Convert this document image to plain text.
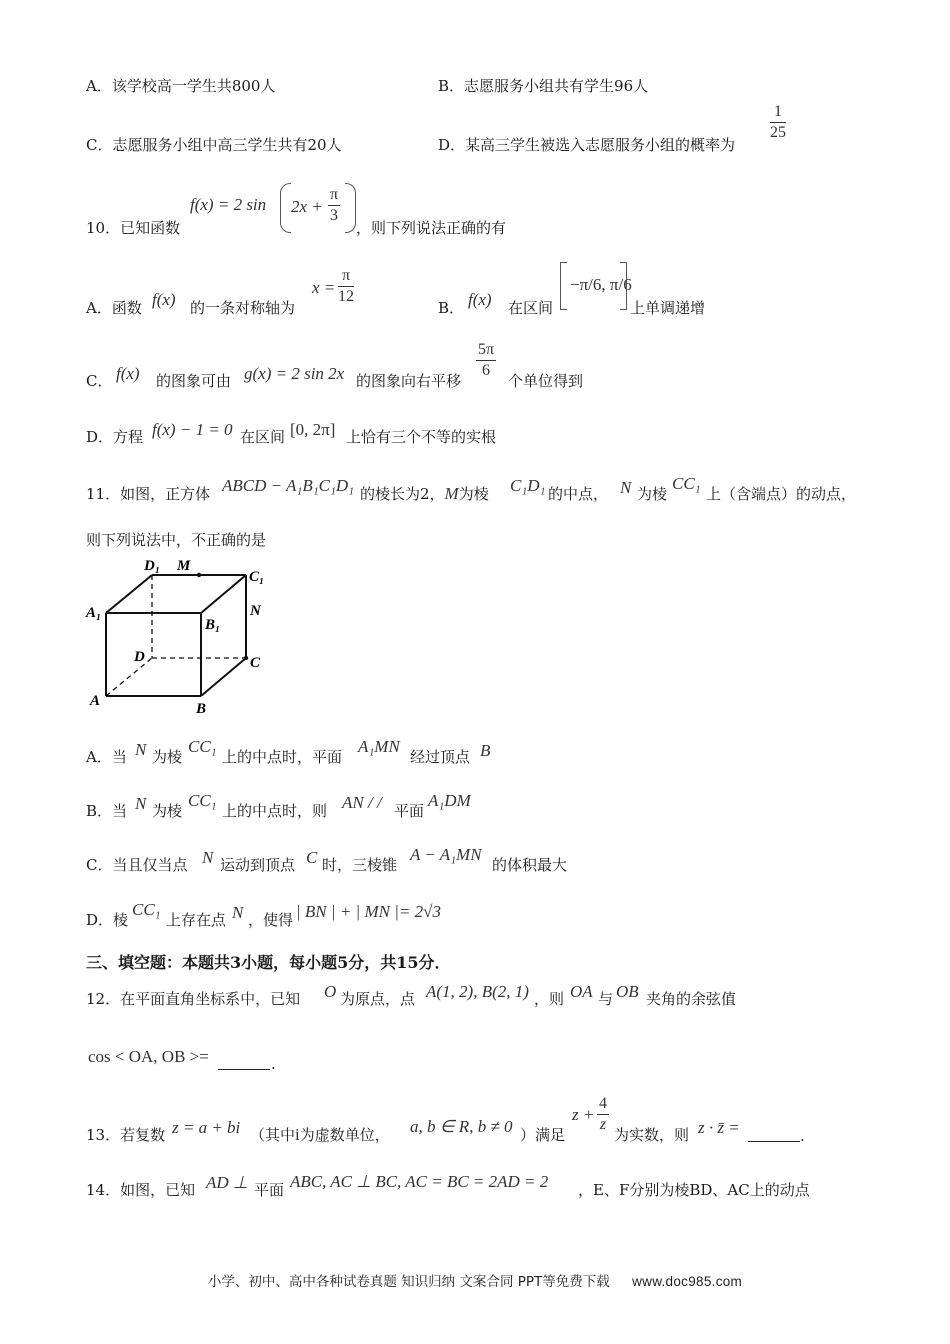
A．该学校高一学生共800人	B．志愿服务小组共有学生96人
C．志愿服务小组中高三学生共有20人	D．某高三学生被选入志愿服务小组的概率为
$\frac{1}{25}$
10．已知函数
f(x) = 2 $\sin 2x + \frac{\pi}{3}$
，则下列说法正确的有
A．函数 f(x) 的一条对称轴为
$x = \frac{\pi}{12}$
B． f(x) 在区间
−π/6, π/6
上单调递增
C． f(x) 的图象可由 g(x) = 2 sin 2x 的图象向右平移 $\frac{5\pi}{6}$ 个单位得到
D．方程 f(x) − 1 = 0 在区间 [0, 2π] 上恰有三个不等的实根
11．如图，正方体 ABCD − A₁B₁C₁D₁ 的棱长为2，M为棱 C₁D₁ 的中点， N 为棱
CC₁
上（含端点）的动点，
则下列说法中，不正确的是
D₁ M
C₁
A₁	N
B₁
D	C
A	B
A．当 N 为棱
CC₁
上的中点时，平面
A₁MN
经过顶点 B
B．当 N 为棱
CC₁
上的中点时，则 AN / / 平面
A₁DM
C．当且仅当点 N 运动到顶点 C 时，三棱锥
A − A₁MN
的体积最大
D．棱
CC₁
上存在点 N ，使得 | BN | + | MN |= 2√3
三、填空题：本题共3小题，每小题5分，共15分．
12．在平面直角坐标系中，已知 O 为原点，点 A(1, 2), B(2, 1) ，则 OA 与 OB 夹角的余弦值
cos < OA, OB >=	.
13．若复数 z = a + bi （其中i为虚数单位， a, b ∈ R, b ≠ 0 ）满足
$z + \frac{4}{z}$ 为实数，则 z · z̄ =	.
14．如图，已知 AD ⊥ 平面 ABC, AC ⊥ BC, AC = BC = 2AD = 2 ，E、F分别为棱BD、AC上的动点
小学、初中、高中各种试卷真题 知识归纳 文案合同 PPT等免费下载 www.doc985.com
